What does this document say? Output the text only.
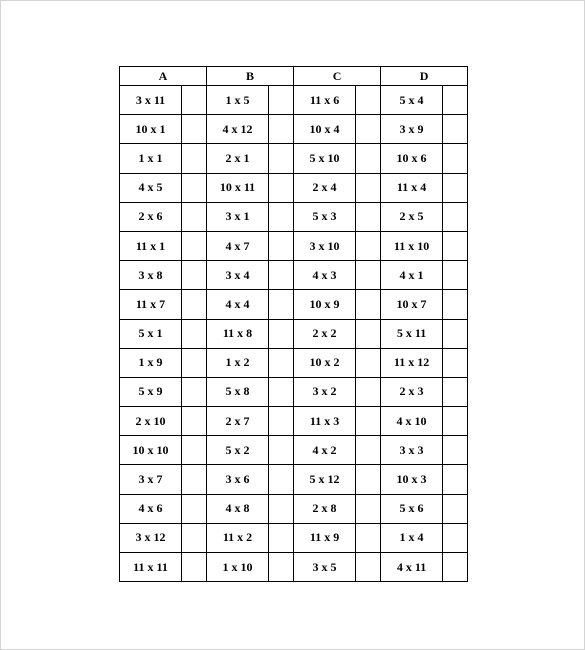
A		B		C		D	
3 x 11		1 x 5		11 x 6		5 x 4	
10 x 1		4 x 12		10 x 4		3 x 9	
1 x 1		2 x 1		5 x 10		10 x 6	
4 x 5		10 x 11		2 x 4		11 x 4	
2 x 6		3 x 1		5 x 3		2 x 5	
11 x 1		4 x 7		3 x 10		11 x 10	
3 x 8		3 x 4		4 x 3		4 x 1	
11 x 7		4 x 4		10 x 9		10 x 7	
5 x 1		11 x 8		2 x 2		5 x 11	
1 x 9		1 x 2		10 x 2		11 x 12	
5 x 9		5 x 8		3 x 2		2 x 3	
2 x 10		2 x 7		11 x 3		4 x 10	
10 x 10		5 x 2		4 x 2		3 x 3	
3 x 7		3 x 6		5 x 12		10 x 3	
4 x 6		4 x 8		2 x 8		5 x 6	
3 x 12		11 x 2		11 x 9		1 x 4	
11 x 11		1 x 10		3 x 5		4 x 11	
